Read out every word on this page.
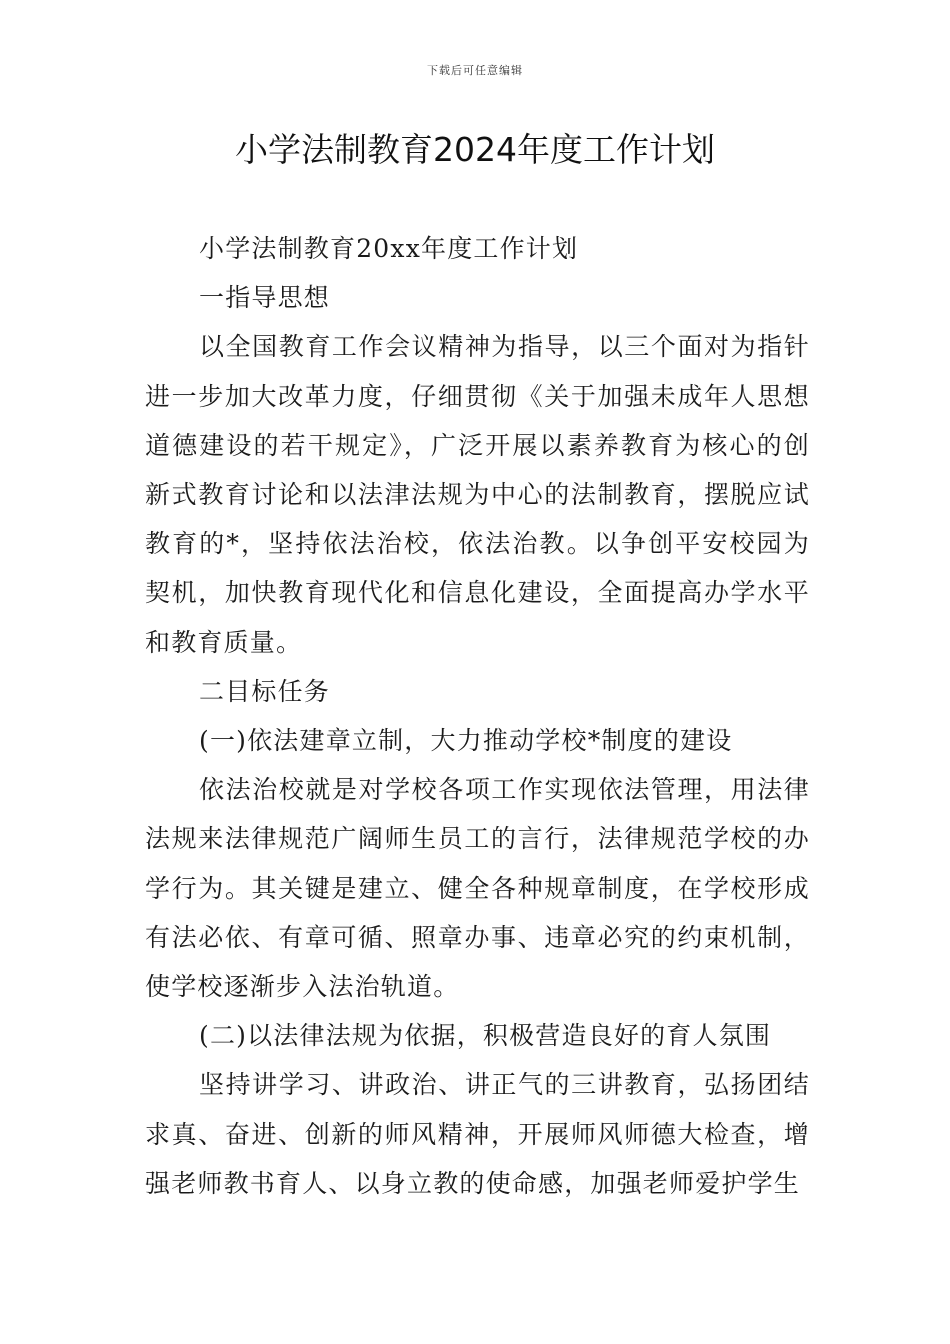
下载后可任意编辑
小学法制教育2024年度工作计划

小学法制教育20xx年度工作计划

一指导思想

以全国教育工作会议精神为指导，以三个面对为指针进一步加大改革力度，仔细贯彻《关于加强未成年人思想道德建设的若干规定》，广泛开展以素养教育为核心的创新式教育讨论和以法津法规为中心的法制教育，摆脱应试教育的*，坚持依法治校，依法治教。以争创平安校园为契机，加快教育现代化和信息化建设，全面提高办学水平和教育质量。

二目标任务

(一)依法建章立制，大力推动学校*制度的建设

依法治校就是对学校各项工作实现依法管理，用法律法规来法律规范广阔师生员工的言行，法律规范学校的办学行为。其关键是建立、健全各种规章制度，在学校形成有法必依、有章可循、照章办事、违章必究的约束机制，使学校逐渐步入法治轨道。

(二)以法律法规为依据，积极营造良好的育人氛围

坚持讲学习、讲政治、讲正气的三讲教育，弘扬团结求真、奋进、创新的师风精神，开展师风师德大检查，增强老师教书育人、以身立教的使命感，加强老师爱护学生
